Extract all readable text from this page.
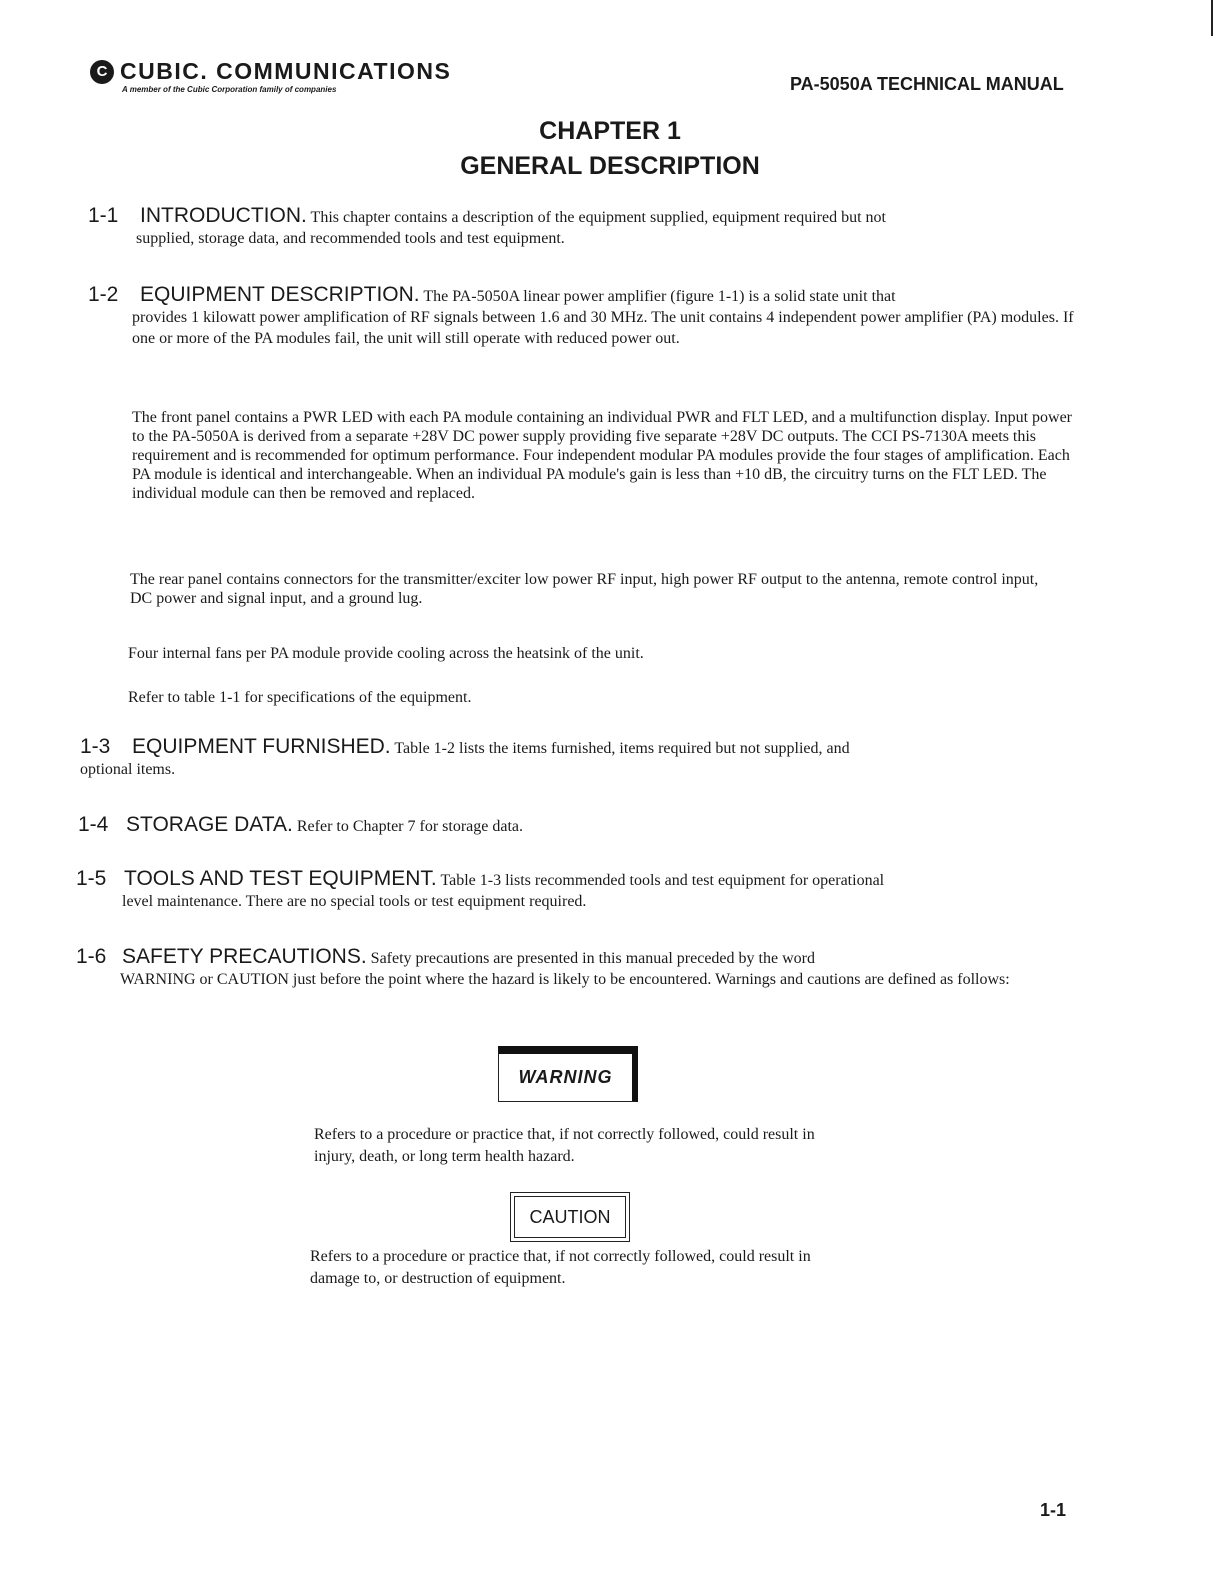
C CUBIC. COMMUNICATIONS
A member of the Cubic Corporation family of companies	PA-5050A TECHNICAL MANUAL
CHAPTER 1
GENERAL DESCRIPTION
1-1 INTRODUCTION. This chapter contains a description of the equipment supplied, equipment required but not
supplied, storage data, and recommended tools and test equipment.
1-2 EQUIPMENT DESCRIPTION. The PA-5050A linear power amplifier (figure 1-1) is a solid state unit that
provides 1 kilowatt power amplification of RF signals between 1.6 and 30 MHz. The unit contains 4 independent power amplifier (PA) modules. If one or more of the PA modules fail, the unit will still operate with reduced power out.
The front panel contains a PWR LED with each PA module containing an individual PWR and FLT LED, and a multifunction display. Input power to the PA-5050A is derived from a separate +28V DC power supply providing five separate +28V DC outputs. The CCI PS-7130A meets this requirement and is recommended for optimum performance. Four independent modular PA modules provide the four stages of amplification. Each PA module is identical and interchangeable. When an individual PA module's gain is less than +10 dB, the circuitry turns on the FLT LED. The individual module can then be removed and replaced.
The rear panel contains connectors for the transmitter/exciter low power RF input, high power RF output to the antenna, remote control input, DC power and signal input, and a ground lug.
Four internal fans per PA module provide cooling across the heatsink of the unit.
Refer to table 1-1 for specifications of the equipment.
1-3 EQUIPMENT FURNISHED. Table 1-2 lists the items furnished, items required but not supplied, and
optional items.
1-4 STORAGE DATA. Refer to Chapter 7 for storage data.
1-5 TOOLS AND TEST EQUIPMENT. Table 1-3 lists recommended tools and test equipment for operational
level maintenance. There are no special tools or test equipment required.
1-6 SAFETY PRECAUTIONS. Safety precautions are presented in this manual preceded by the word
WARNING or CAUTION just before the point where the hazard is likely to be encountered. Warnings and cautions are defined as follows:
WARNING
Refers to a procedure or practice that, if not correctly followed, could result in injury, death, or long term health hazard.
CAUTION
Refers to a procedure or practice that, if not correctly followed, could result in damage to, or destruction of equipment.
1-1
